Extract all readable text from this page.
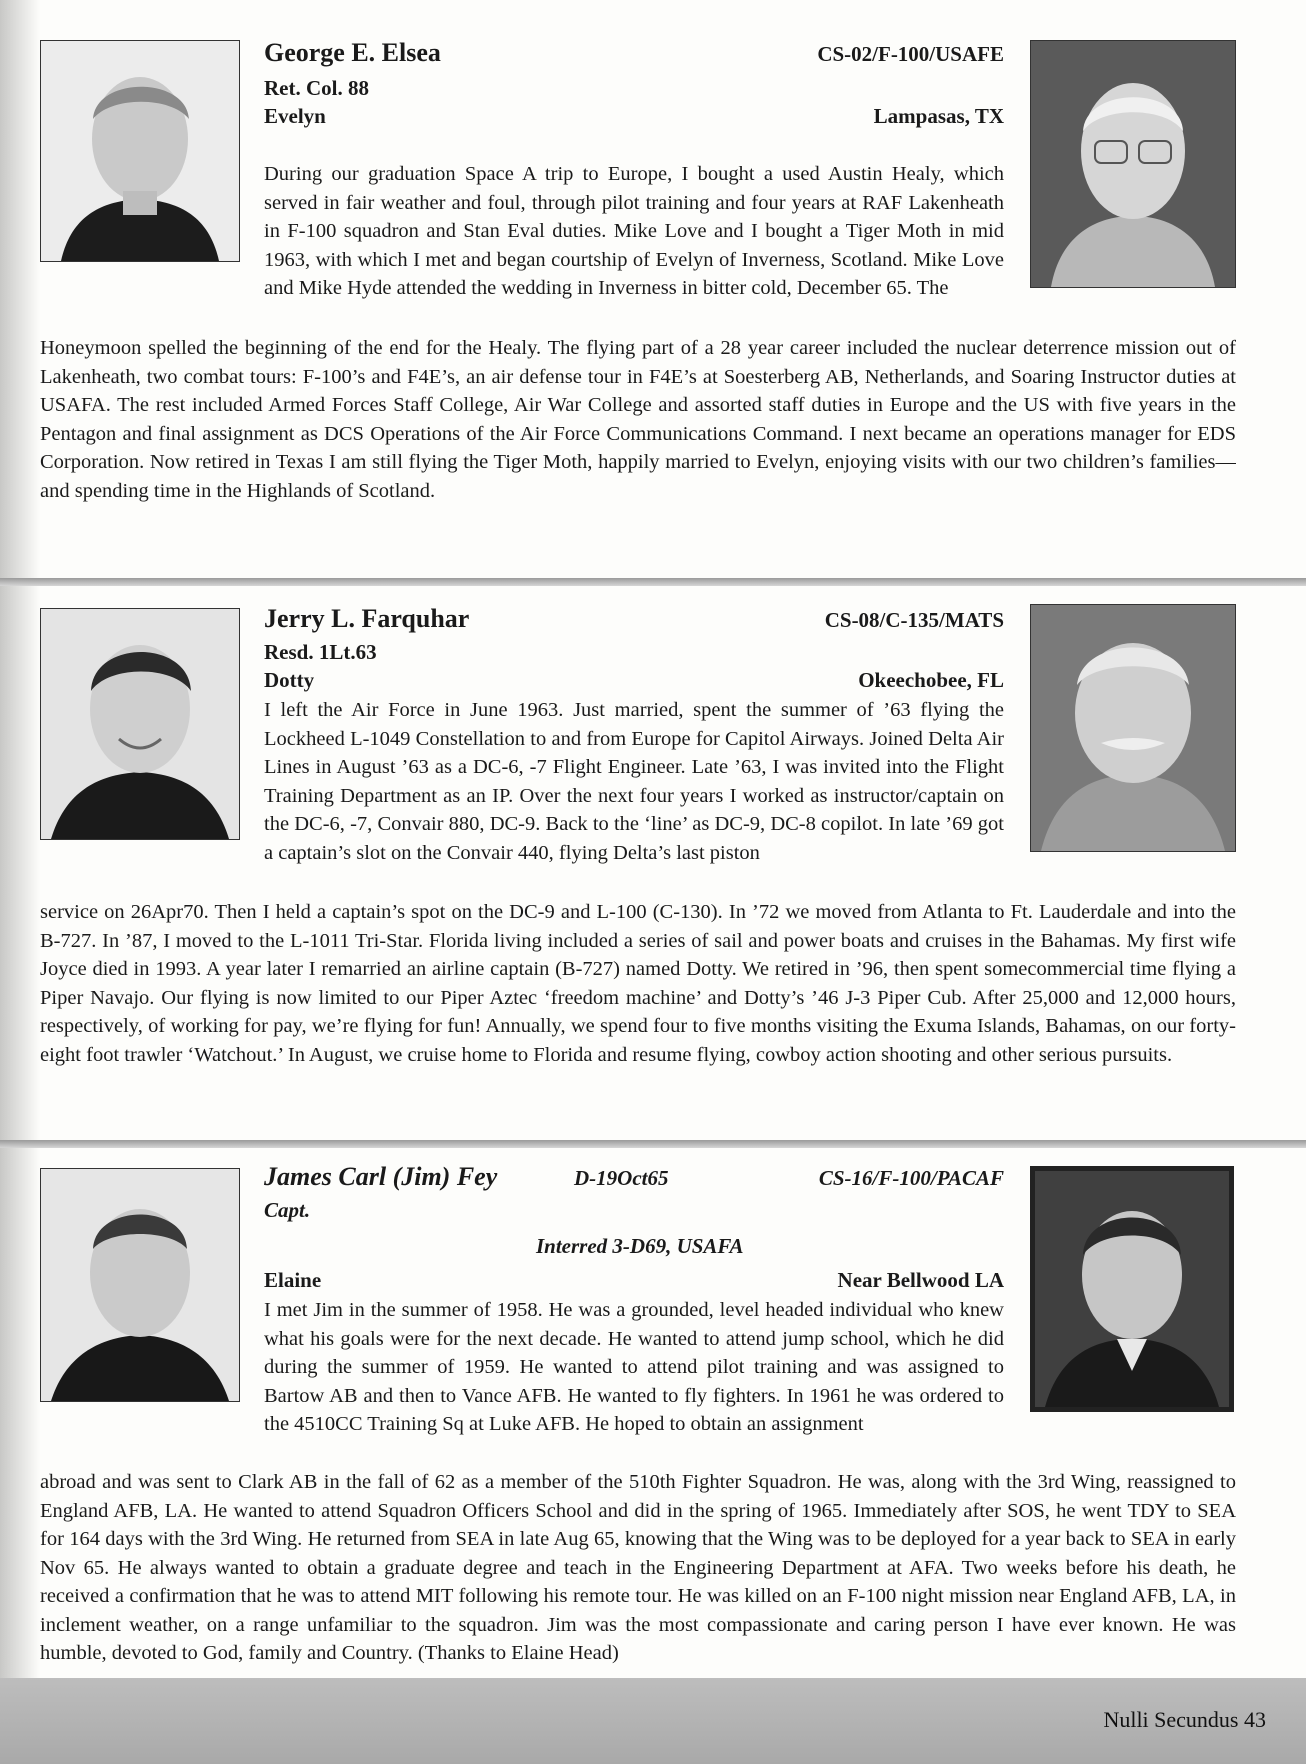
George E. Elsea	CS-02/F-100/USAFE
Ret. Col. 88
Evelyn	Lampasas, TX
During our graduation Space A trip to Europe, I bought a used Austin Healy, which served in fair weather and foul, through pilot training and four years at RAF Lakenheath in F-100 squadron and Stan Eval duties. Mike Love and I bought a Tiger Moth in mid 1963, with which I met and began courtship of Evelyn of Inverness, Scotland. Mike Love and Mike Hyde attended the wedding in Inverness in bitter cold, December 65. The
Honeymoon spelled the beginning of the end for the Healy. The flying part of a 28 year career included the nuclear deterrence mission out of Lakenheath, two combat tours: F-100’s and F4E’s, an air defense tour in F4E’s at Soesterberg AB, Netherlands, and Soaring Instructor duties at USAFA. The rest included Armed Forces Staff College, Air War College and assorted staff duties in Europe and the US with five years in the Pentagon and final assignment as DCS Operations of the Air Force Communications Command. I next became an operations manager for EDS Corporation. Now retired in Texas I am still flying the Tiger Moth, happily married to Evelyn, enjoying visits with our two children’s families—and spending time in the Highlands of Scotland.
Jerry L. Farquhar	CS-08/C-135/MATS
Resd. 1Lt.63
Dotty	Okeechobee, FL
I left the Air Force in June 1963. Just married, spent the summer of ’63 flying the Lockheed L-1049 Constellation to and from Europe for Capitol Airways. Joined Delta Air Lines in August ’63 as a DC-6, -7 Flight Engineer. Late ’63, I was invited into the Flight Training Department as an IP. Over the next four years I worked as instructor/captain on the DC-6, -7, Convair 880, DC-9. Back to the ‘line’ as DC-9, DC-8 copilot. In late ’69 got a captain’s slot on the Convair 440, flying Delta’s last piston
service on 26Apr70. Then I held a captain’s spot on the DC-9 and L-100 (C-130). In ’72 we moved from Atlanta to Ft. Lauderdale and into the B-727. In ’87, I moved to the L-1011 Tri-Star. Florida living included a series of sail and power boats and cruises in the Bahamas. My first wife Joyce died in 1993. A year later I remarried an airline captain (B-727) named Dotty. We retired in ’96, then spent somecommercial time flying a Piper Navajo. Our flying is now limited to our Piper Aztec ‘freedom machine’ and Dotty’s ’46 J-3 Piper Cub. After 25,000 and 12,000 hours, respectively, of working for pay, we’re flying for fun! Annually, we spend four to five months visiting the Exuma Islands, Bahamas, on our forty-eight foot trawler ‘Watchout.’ In August, we cruise home to Florida and resume flying, cowboy action shooting and other serious pursuits.
James Carl (Jim) Fey	D-19Oct65	CS-16/F-100/PACAF
Capt.
Interred 3-D69, USAFA
Elaine	Near Bellwood LA
I met Jim in the summer of 1958. He was a grounded, level headed individual who knew what his goals were for the next decade. He wanted to attend jump school, which he did during the summer of 1959. He wanted to attend pilot training and was assigned to Bartow AB and then to Vance AFB. He wanted to fly fighters. In 1961 he was ordered to the 4510CC Training Sq at Luke AFB. He hoped to obtain an assignment
abroad and was sent to Clark AB in the fall of 62 as a member of the 510th Fighter Squadron. He was, along with the 3rd Wing, reassigned to England AFB, LA. He wanted to attend Squadron Officers School and did in the spring of 1965. Immediately after SOS, he went TDY to SEA for 164 days with the 3rd Wing. He returned from SEA in late Aug 65, knowing that the Wing was to be deployed for a year back to SEA in early Nov 65. He always wanted to obtain a graduate degree and teach in the Engineering Department at AFA. Two weeks before his death, he received a confirmation that he was to attend MIT following his remote tour. He was killed on an F-100 night mission near England AFB, LA, in inclement weather, on a range unfamiliar to the squadron. Jim was the most compassionate and caring person I have ever known. He was humble, devoted to God, family and Country. (Thanks to Elaine Head)
Nulli Secundus 43
